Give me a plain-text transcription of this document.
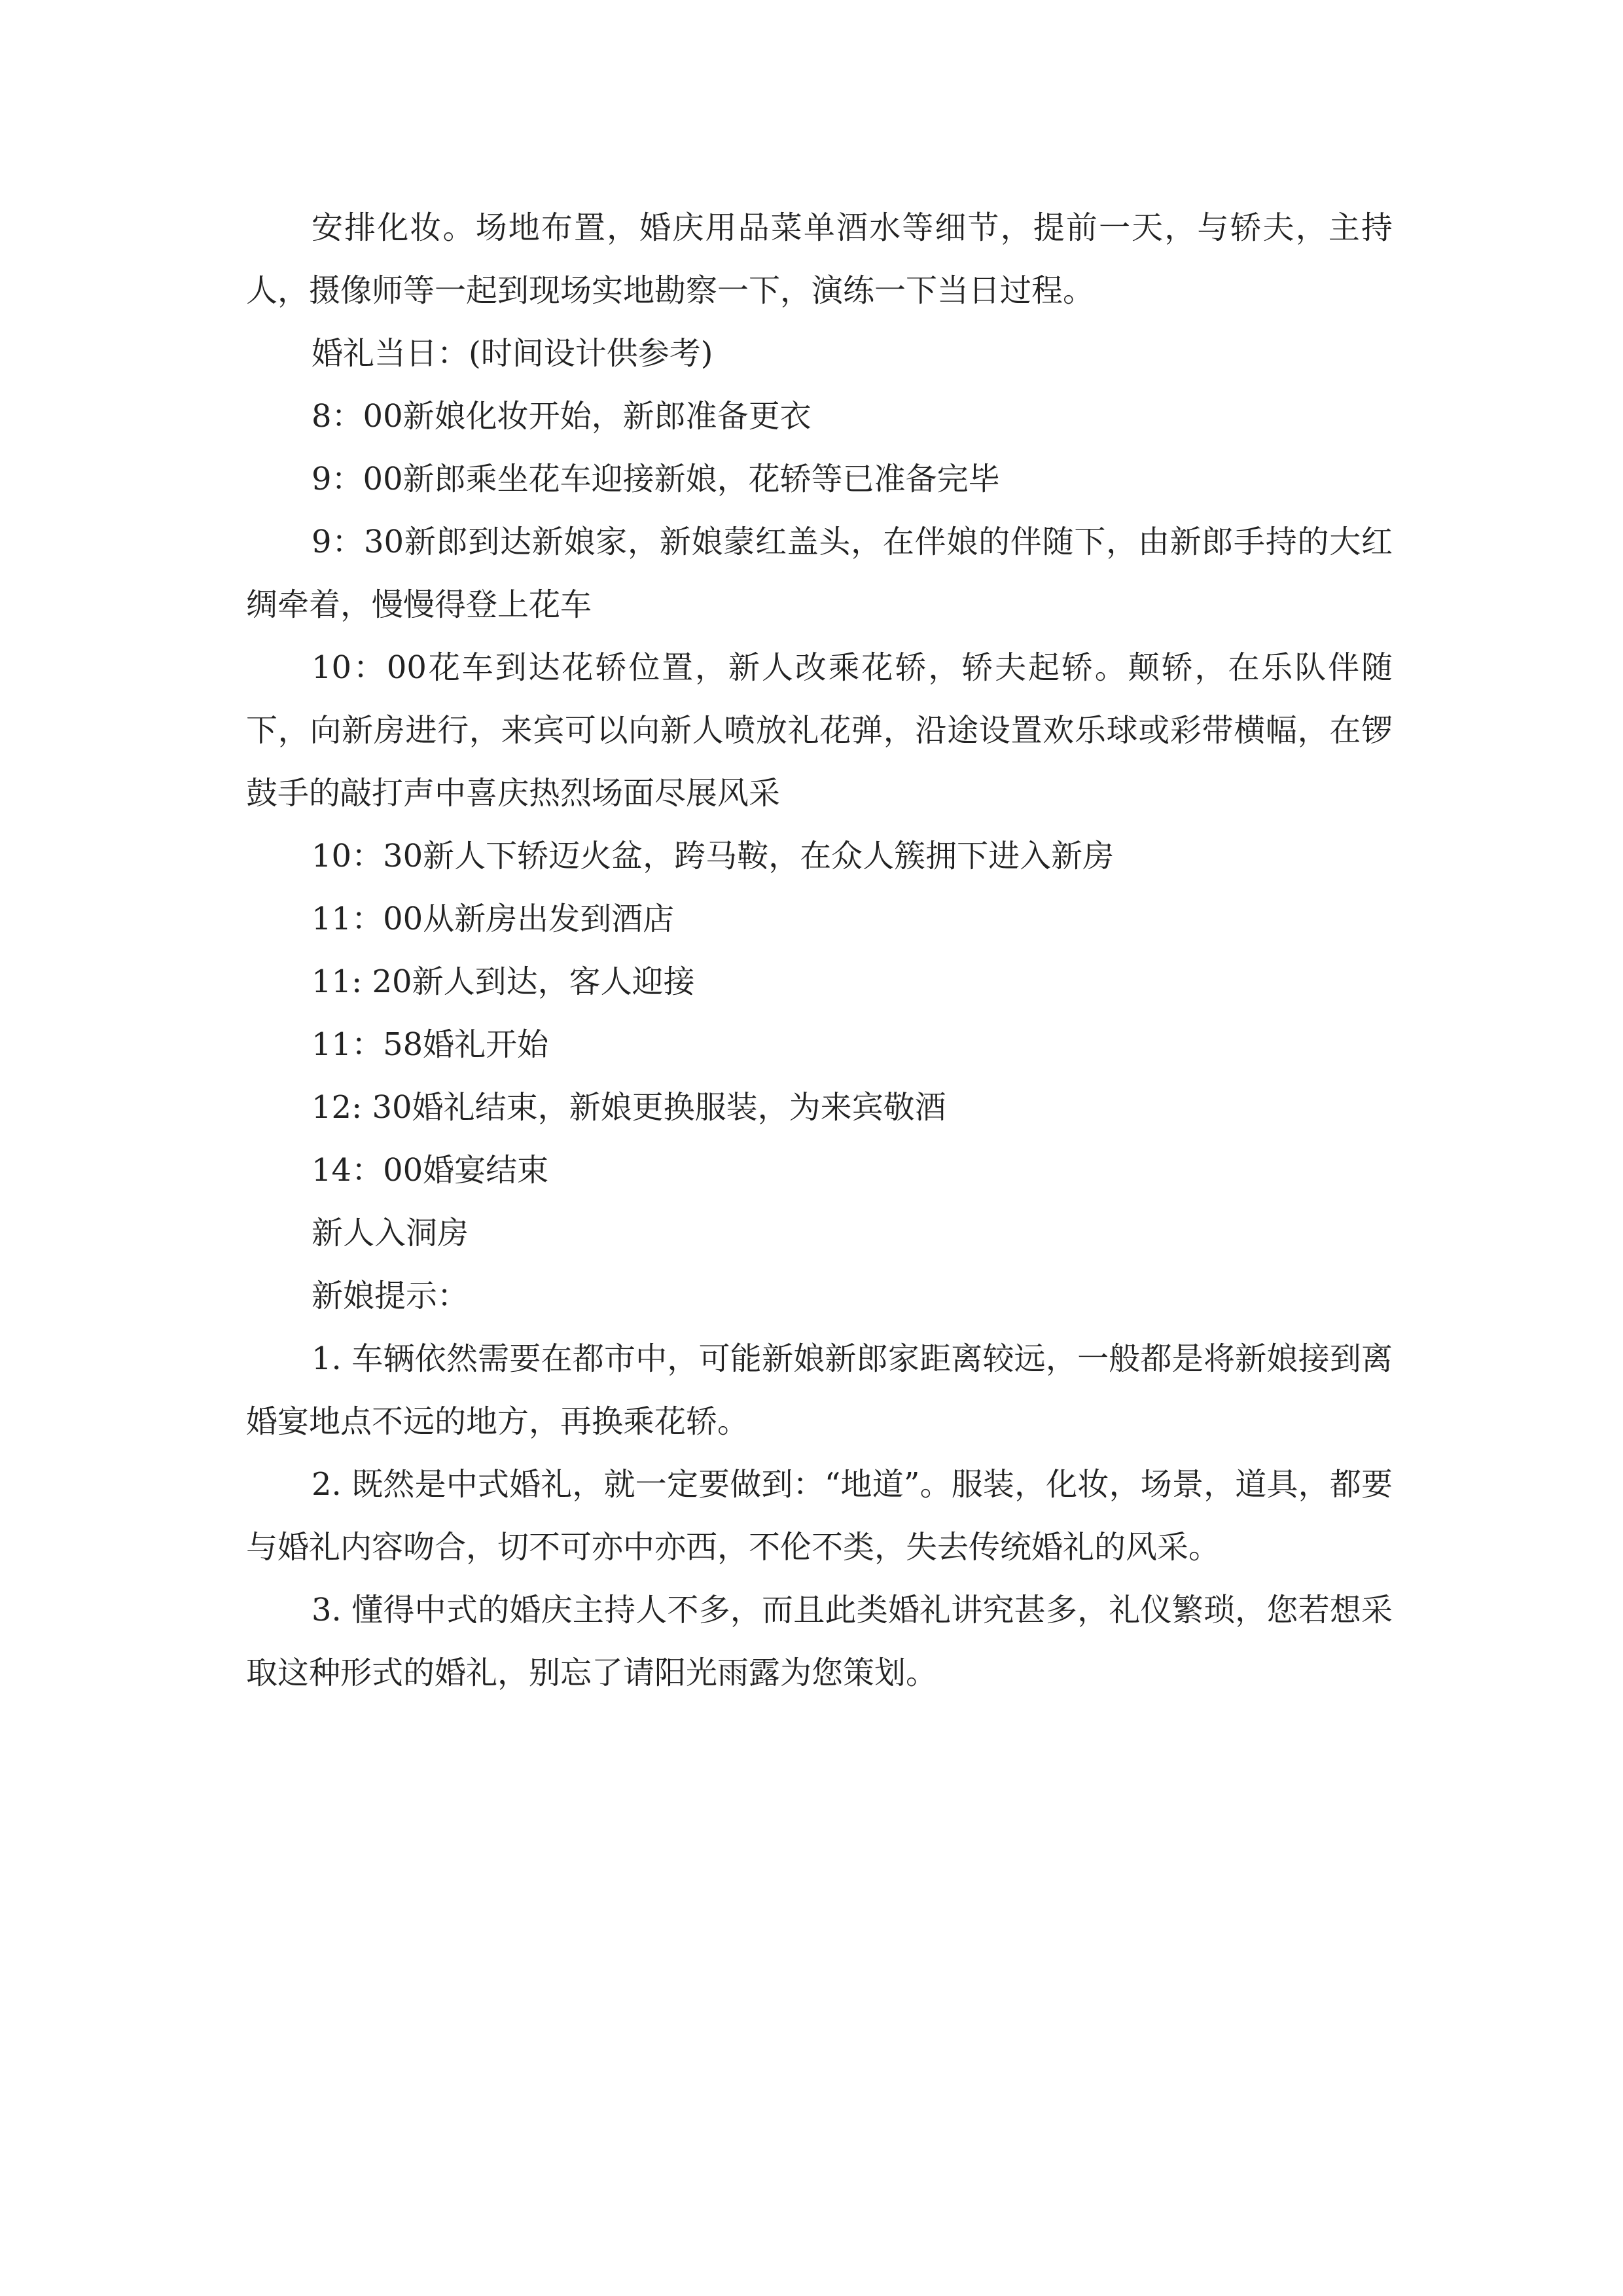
安排化妆。场地布置，婚庆用品菜单酒水等细节，提前一天，与轿夫，主持人，摄像师等一起到现场实地勘察一下，演练一下当日过程。

婚礼当日：(时间设计供参考)

8：00新娘化妆开始，新郎准备更衣

9：00新郎乘坐花车迎接新娘，花轿等已准备完毕

9：30新郎到达新娘家，新娘蒙红盖头，在伴娘的伴随下，由新郎手持的大红绸牵着，慢慢得登上花车

10：00花车到达花轿位置，新人改乘花轿，轿夫起轿。颠轿，在乐队伴随下，向新房进行，来宾可以向新人喷放礼花弹，沿途设置欢乐球或彩带横幅，在锣鼓手的敲打声中喜庆热烈场面尽展风采

10：30新人下轿迈火盆，跨马鞍，在众人簇拥下进入新房

11：00从新房出发到酒店

11: 20新人到达，客人迎接

11：58婚礼开始

12: 30婚礼结束，新娘更换服装，为来宾敬酒

14：00婚宴结束

新人入洞房

新娘提示：

1. 车辆依然需要在都市中，可能新娘新郎家距离较远，一般都是将新娘接到离婚宴地点不远的地方，再换乘花轿。

2. 既然是中式婚礼，就一定要做到：“地道”。服装，化妆，场景，道具，都要与婚礼内容吻合，切不可亦中亦西，不伦不类，失去传统婚礼的风采。

3. 懂得中式的婚庆主持人不多，而且此类婚礼讲究甚多，礼仪繁琐，您若想采取这种形式的婚礼，别忘了请阳光雨露为您策划。
